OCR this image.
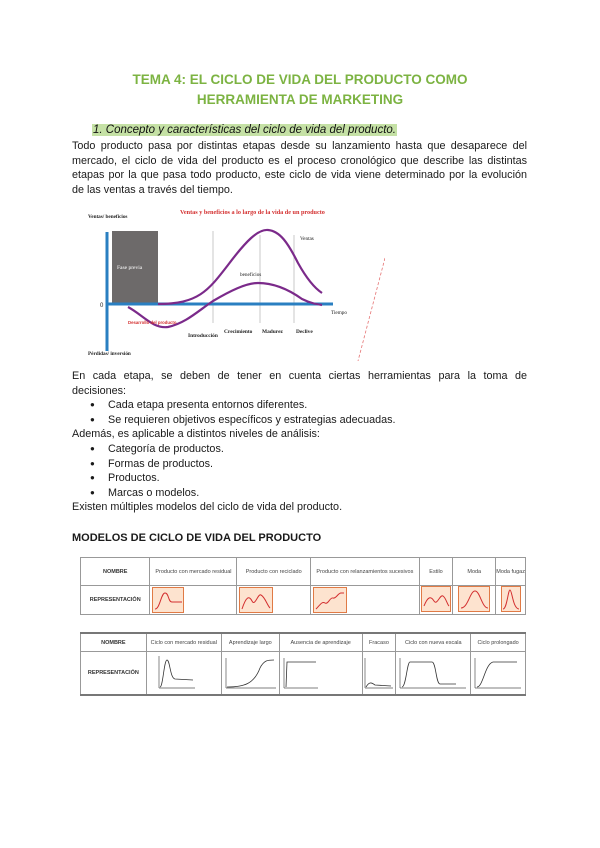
TEMA 4: EL CICLO DE VIDA DEL PRODUCTO COMO
HERRAMIENTA DE MARKETING
1. Concepto y características del ciclo de vida del producto.
Todo producto pasa por distintas etapas desde su lanzamiento hasta que desaparece del
mercado, el ciclo de vida del producto es el proceso cronológico que describe las distintas
etapas por la que pasa todo producto, este ciclo de vida viene determinado por la evolución
de las ventas a través del tiempo.
Ventas y beneficios a lo largo de la vida de un producto
Ventas/ beneficios
Fase previa
0
Tiempo
Ventas
beneficios
Desarrollo del producto
Introducción
Crecimiento Madurez Declive
Pérdidas/ inversión
En cada etapa, se deben de tener en cuenta ciertas herramientas para la toma de
decisiones:
● Cada etapa presenta entornos diferentes.
● Se requieren objetivos específicos y estrategias adecuadas.
Además, es aplicable a distintos niveles de análisis:
● Categoría de productos.
● Formas de productos.
● Productos.
● Marcas o modelos.
Existen múltiples modelos del ciclo de vida del producto.
MODELOS DE CICLO DE VIDA DEL PRODUCTO
NOMBRE	Producto con mercado residual	Producto con reciclado	Producto con relanzamientos sucesivos	Estilo	Moda	Moda fugaz
REPRESENTACIÓN	

NOMBRE	Ciclo con mercado residual	Aprendizaje largo	Ausencia de aprendizaje	Fracaso	Ciclo con nueva escala	Ciclo prolongado
REPRESENTACIÓN						
